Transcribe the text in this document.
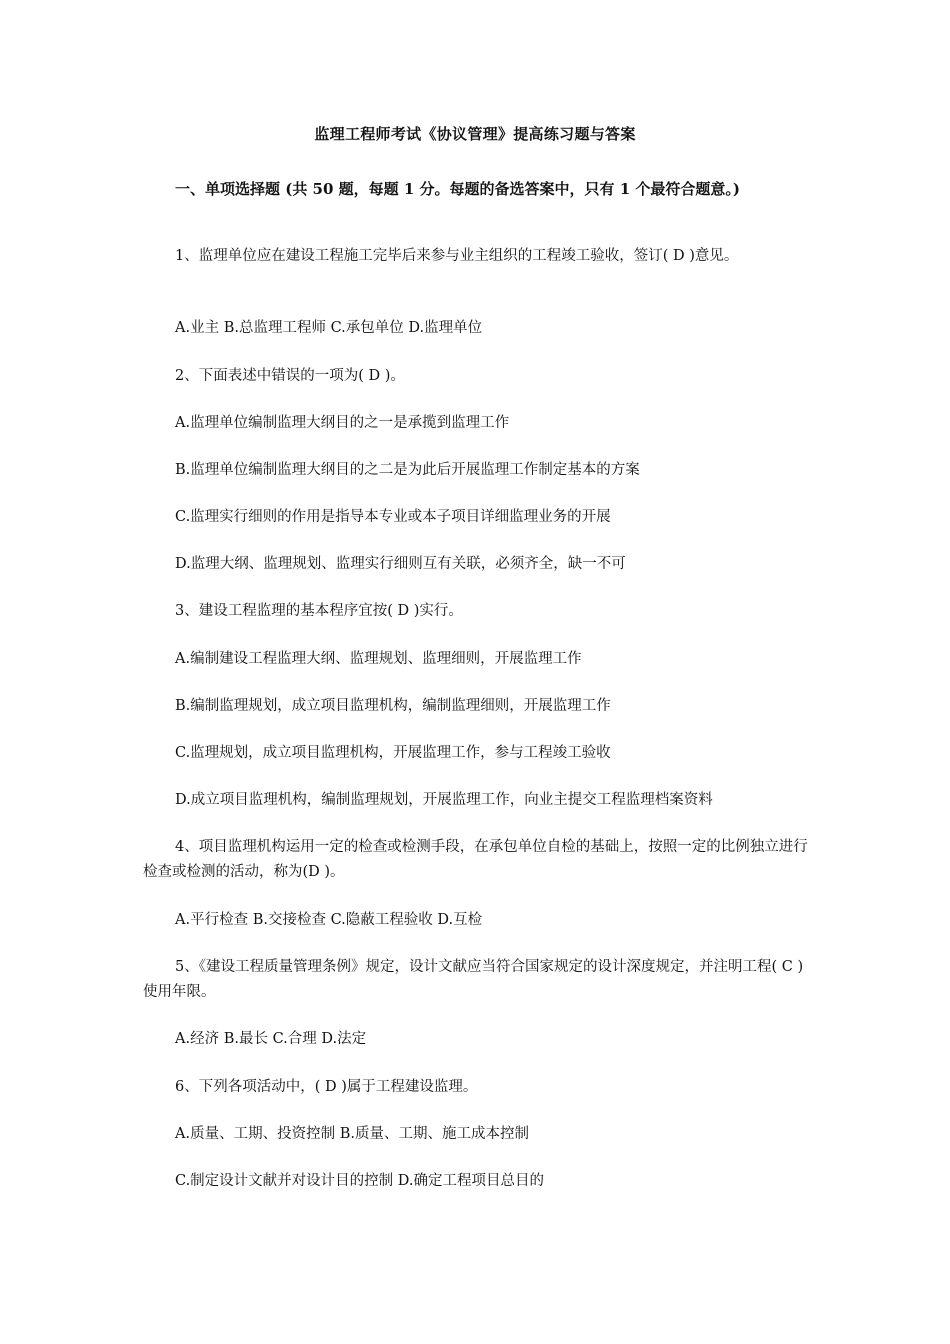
监理工程师考试《协议管理》提高练习题与答案
一、单项选择题 (共 50 题，每题 1 分。每题的备选答案中，只有 1 个最符合题意。)
1、监理单位应在建设工程施工完毕后来参与业主组织的工程竣工验收，签订( D )意见。
A.业主 B.总监理工程师 C.承包单位 D.监理单位
2、下面表述中错误的一项为( D )。
A.监理单位编制监理大纲目的之一是承揽到监理工作
B.监理单位编制监理大纲目的之二是为此后开展监理工作制定基本的方案
C.监理实行细则的作用是指导本专业或本子项目详细监理业务的开展
D.监理大纲、监理规划、监理实行细则互有关联，必须齐全，缺一不可
3、建设工程监理的基本程序宜按( D )实行。
A.编制建设工程监理大纲、监理规划、监理细则，开展监理工作
B.编制监理规划，成立项目监理机构，编制监理细则，开展监理工作
C.监理规划，成立项目监理机构，开展监理工作，参与工程竣工验收
D.成立项目监理机构，编制监理规划，开展监理工作，向业主提交工程监理档案资料
4、项目监理机构运用一定的检查或检测手段，在承包单位自检的基础上，按照一定的比例独立进行检查或检测的活动，称为(D )。
A.平行检查 B.交接检查 C.隐蔽工程验收 D.互检
5、《建设工程质量管理条例》规定，设计文献应当符合国家规定的设计深度规定，并注明工程( C )使用年限。
A.经济 B.最长 C.合理 D.法定
6、下列各项活动中，( D )属于工程建设监理。
A.质量、工期、投资控制 B.质量、工期、施工成本控制
C.制定设计文献并对设计目的控制 D.确定工程项目总目的
